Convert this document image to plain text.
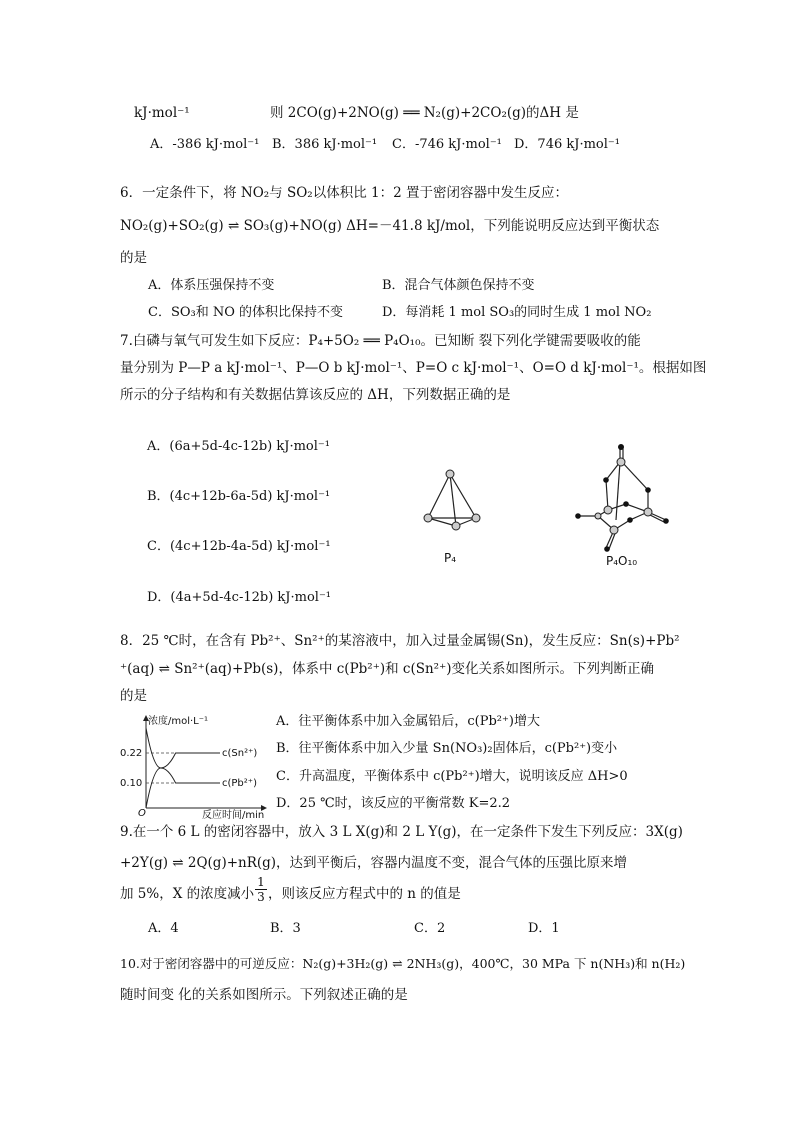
kJ·mol⁻¹	则 2CO(g)+2NO(g) ══ N₂(g)+2CO₂(g)的ΔH 是
A．-386 kJ·mol⁻¹ B．386 kJ·mol⁻¹ C．-746 kJ·mol⁻¹ D．746 kJ·mol⁻¹
6．一定条件下，将 NO₂与 SO₂以体积比 1：2 置于密闭容器中发生反应：
NO₂(g)+SO₂(g) ⇌ SO₃(g)+NO(g) ΔH=－41.8 kJ/mol，下列能说明反应达到平衡状态
的是
A．体系压强保持不变	B．混合气体颜色保持不变
C．SO₃和 NO 的体积比保持不变	D．每消耗 1 mol SO₃的同时生成 1 mol NO₂
7.白磷与氧气可发生如下反应：P₄+5O₂ ══ P₄O₁₀。已知断 裂下列化学键需要吸收的能
量分别为 P—P a kJ·mol⁻¹、P—O b kJ·mol⁻¹、P=O c kJ·mol⁻¹、O=O d kJ·mol⁻¹。根据如图
所示的分子结构和有关数据估算该反应的 ΔH，下列数据正确的是
A．(6a+5d-4c-12b) kJ·mol⁻¹
B．(4c+12b-6a-5d) kJ·mol⁻¹
C．(4c+12b-4a-5d) kJ·mol⁻¹
D．(4a+5d-4c-12b) kJ·mol⁻¹
P₄	P₄O₁₀
8．25 ℃时，在含有 Pb²⁺、Sn²⁺的某溶液中，加入过量金属锡(Sn)，发生反应：Sn(s)+Pb²
⁺(aq) ⇌ Sn²⁺(aq)+Pb(s)，体系中 c(Pb²⁺)和 c(Sn²⁺)变化关系如图所示。下列判断正确
的是
浓度/mol·L⁻¹
反应时间/min
O
0.10
0.22	c(Sn²⁺)
c(Pb²⁺)
A．往平衡体系中加入金属铅后，c(Pb²⁺)增大
B．往平衡体系中加入少量 Sn(NO₃)₂固体后，c(Pb²⁺)变小
C．升高温度，平衡体系中 c(Pb²⁺)增大，说明该反应 ΔH>0
D．25 ℃时，该反应的平衡常数 K=2.2
9.在一个 6 L 的密闭容器中，放入 3 L X(g)和 2 L Y(g)，在一定条件下发生下列反应：3X(g)
+2Y(g) ⇌ 2Q(g)+nR(g)，达到平衡后，容器内温度不变，混合气体的压强比原来增
加 5%，X 的浓度减小 $\frac{1}{3}$ ，则该反应方程式中的 n 的值是
A．4	B．3	C．2	D．1
10.对于密闭容器中的可逆反应：N₂(g)+3H₂(g) ⇌ 2NH₃(g)，400℃，30 MPa 下 n(NH₃)和 n(H₂)
随时间变 化的关系如图所示。下列叙述正确的是
